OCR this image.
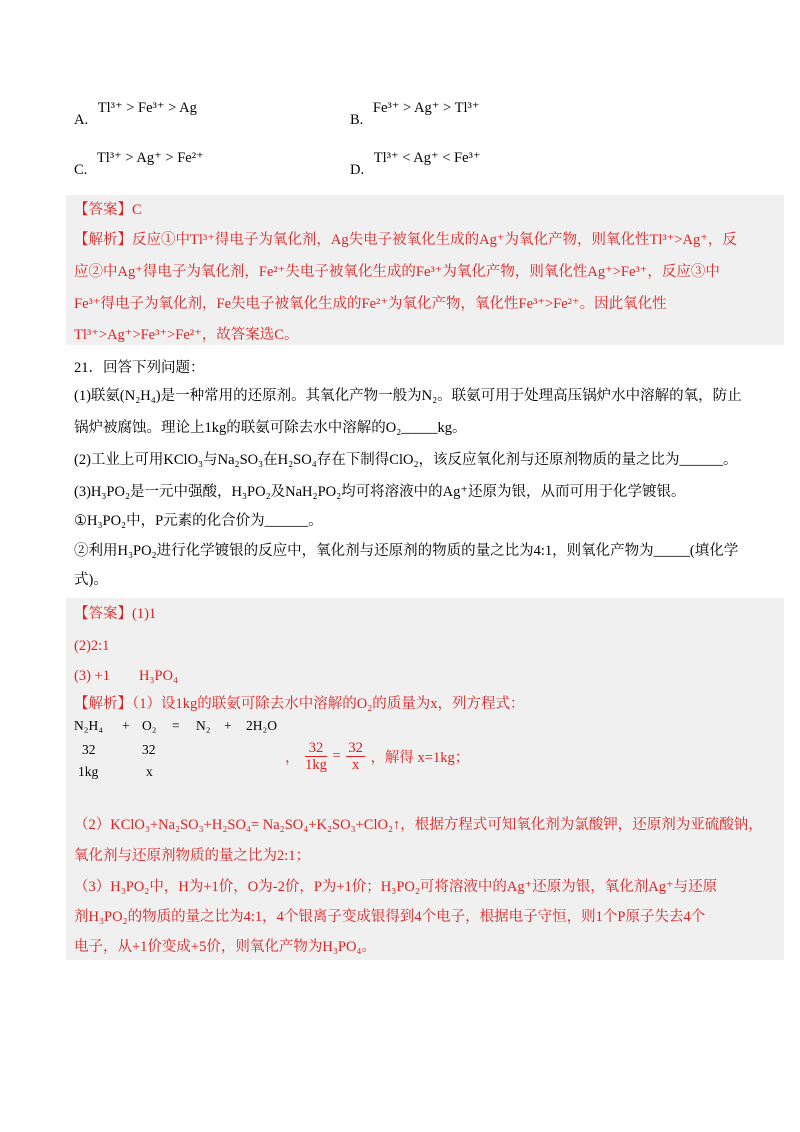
A. Tl³⁺ > Fe³⁺ > Ag
B. Fe³⁺ > Ag⁺ > Tl³⁺
C. Tl³⁺ > Ag⁺ > Fe²⁺
D. Tl³⁺ < Ag⁺ < Fe³⁺
【答案】C
【解析】反应①中Tl³⁺得电子为氧化剂，Ag失电子被氧化生成的Ag⁺为氧化产物，则氧化性Tl³⁺>Ag⁺，反
应②中Ag⁺得电子为氧化剂，Fe²⁺失电子被氧化生成的Fe³⁺为氧化产物，则氧化性Ag⁺>Fe³⁺，反应③中
Fe³⁺得电子为氧化剂，Fe失电子被氧化生成的Fe²⁺为氧化产物，氧化性Fe³⁺>Fe²⁺。因此氧化性
Tl³⁺>Ag⁺>Fe³⁺>Fe²⁺，故答案选C。
21．回答下列问题：
(1)联氨(N₂H₄)是一种常用的还原剂。其氧化产物一般为N₂。联氨可用于处理高压锅炉水中溶解的氧，防止
锅炉被腐蚀。理论上1kg的联氨可除去水中溶解的O₂_____kg。
(2)工业上可用KClO₃与Na₂SO₃在H₂SO₄存在下制得ClO₂，该反应氧化剂与还原剂物质的量之比为______。
(3)H₃PO₂是一元中强酸，H₃PO₂及NaH₂PO₂均可将溶液中的Ag⁺还原为银，从而可用于化学镀银。
①H₃PO₂中，P元素的化合价为______。
②利用H₃PO₂进行化学镀银的反应中，氧化剂与还原剂的物质的量之比为4:1，则氧化产物为_____(填化学
式)。
【答案】(1)1
(2)2:1
(3) +1        H₃PO₄
【解析】（1）设1kg的联氨可除去水中溶解的O₂的质量为x，列方程式：
N₂H₄ + O₂ = N₂ + 2H₂O
32	32
1kg	x
， $\frac{32}{1kg} = \frac{32}{x}$ ，解得 x=1kg；
（2）KClO₃+Na₂SO₃+H₂SO₄= Na₂SO₄+K₂SO₃+ClO₂↑，根据方程式可知氧化剂为氯酸钾，还原剂为亚硫酸钠，
氧化剂与还原剂物质的量之比为2:1；
（3）H₃PO₂中，H为+1价，O为-2价，P为+1价；H₃PO₂可将溶液中的Ag⁺还原为银，氧化剂Ag⁺与还原
剂H₃PO₂的物质的量之比为4:1，4个银离子变成银得到4个电子，根据电子守恒，则1个P原子失去4个
电子，从+1价变成+5价，则氧化产物为H₃PO₄。
